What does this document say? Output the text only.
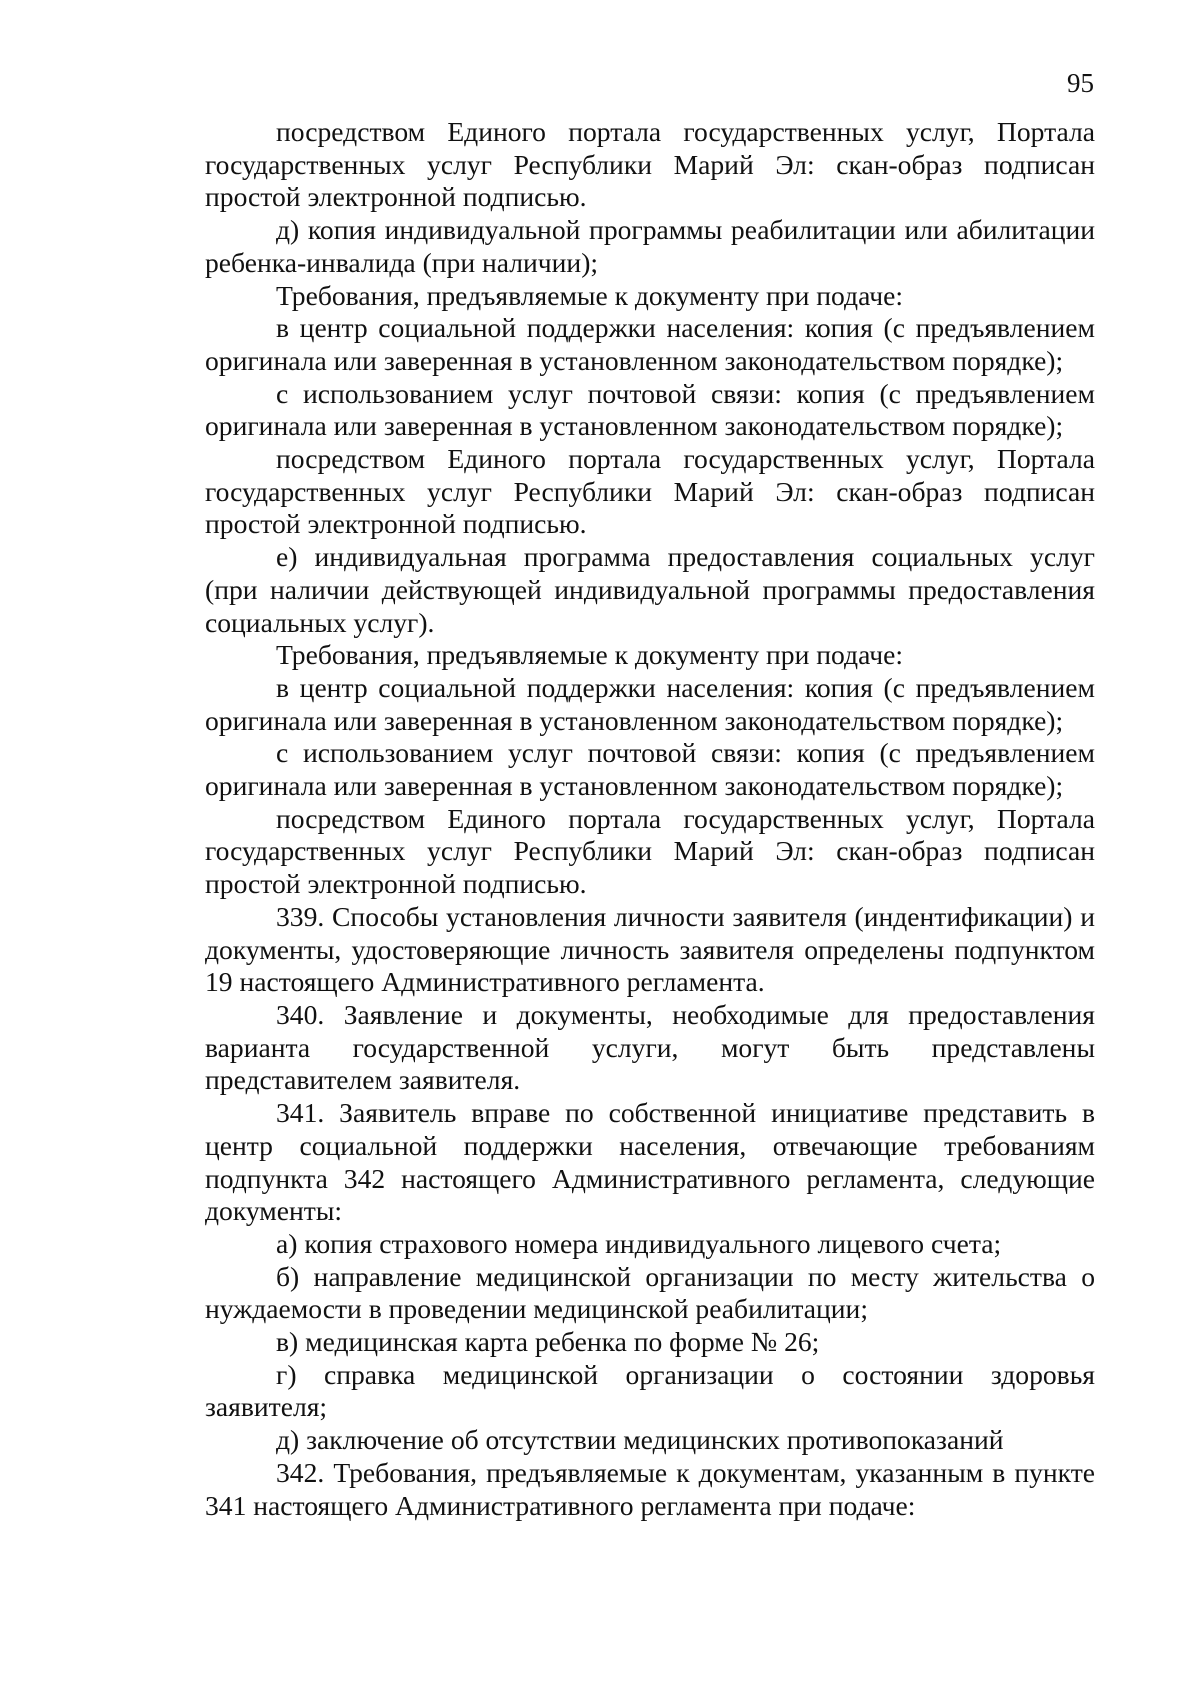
95

посредством Единого портала государственных услуг, Портала государственных услуг Республики Марий Эл: скан-образ подписан простой электронной подписью.

д) копия индивидуальной программы реабилитации или абилитации ребенка-инвалида (при наличии);

Требования, предъявляемые к документу при подаче:

в центр социальной поддержки населения: копия (с предъявлением оригинала или заверенная в установленном законодательством порядке);

с использованием услуг почтовой связи: копия (с предъявлением оригинала или заверенная в установленном законодательством порядке);

посредством Единого портала государственных услуг, Портала государственных услуг Республики Марий Эл: скан-образ подписан простой электронной подписью.

е) индивидуальная программа предоставления социальных услуг (при наличии действующей индивидуальной программы предоставления социальных услуг).

Требования, предъявляемые к документу при подаче:

в центр социальной поддержки населения: копия (с предъявлением оригинала или заверенная в установленном законодательством порядке);

с использованием услуг почтовой связи: копия (с предъявлением оригинала или заверенная в установленном законодательством порядке);

посредством Единого портала государственных услуг, Портала государственных услуг Республики Марий Эл: скан-образ подписан простой электронной подписью.

339. Способы установления личности заявителя (индентификации) и документы, удостоверяющие личность заявителя определены подпунктом 19 настоящего Административного регламента.

340. Заявление и документы, необходимые для предоставления варианта государственной услуги, могут быть представлены представителем заявителя.

341. Заявитель вправе по собственной инициативе представить в центр социальной поддержки населения, отвечающие требованиям подпункта 342 настоящего Административного регламента, следующие документы:

а) копия страхового номера индивидуального лицевого счета;

б) направление медицинской организации по месту жительства о нуждаемости в проведении медицинской реабилитации;

в) медицинская карта ребенка по форме № 26;

г) справка медицинской организации о состоянии здоровья заявителя;

д) заключение об отсутствии медицинских противопоказаний

342. Требования, предъявляемые к документам, указанным в пункте 341 настоящего Административного регламента при подаче:
